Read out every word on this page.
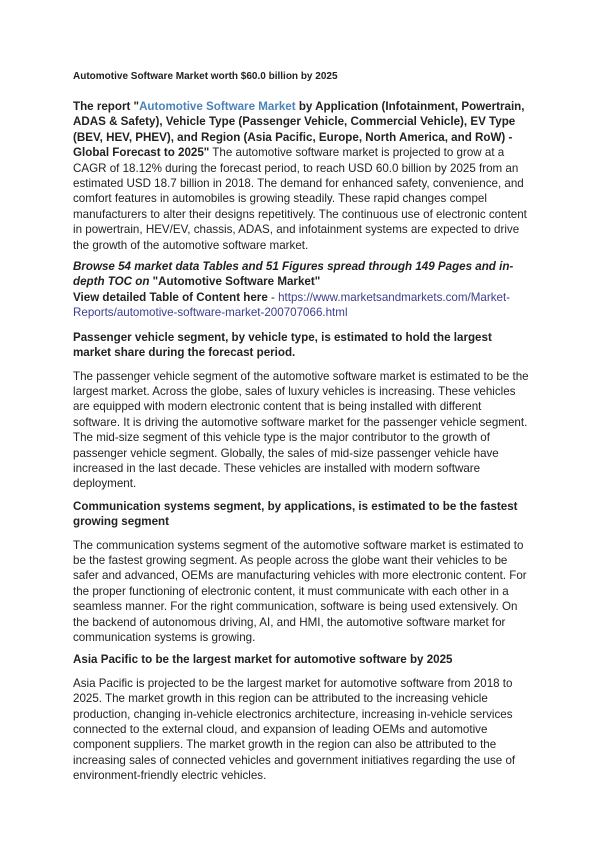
Automotive Software Market worth $60.0 billion by 2025

The report "Automotive Software Market by Application (Infotainment, Powertrain, ADAS & Safety), Vehicle Type (Passenger Vehicle, Commercial Vehicle), EV Type (BEV, HEV, PHEV), and Region (Asia Pacific, Europe, North America, and RoW) - Global Forecast to 2025" The automotive software market is projected to grow at a CAGR of 18.12% during the forecast period, to reach USD 60.0 billion by 2025 from an estimated USD 18.7 billion in 2018. The demand for enhanced safety, convenience, and comfort features in automobiles is growing steadily. These rapid changes compel manufacturers to alter their designs repetitively. The continuous use of electronic content in powertrain, HEV/EV, chassis, ADAS, and infotainment systems are expected to drive the growth of the automotive software market.

Browse 54 market data Tables and 51 Figures spread through 149 Pages and in-depth TOC on "Automotive Software Market"

View detailed Table of Content here - https://www.marketsandmarkets.com/Market-Reports/automotive-software-market-200707066.html

Passenger vehicle segment, by vehicle type, is estimated to hold the largest market share during the forecast period.

The passenger vehicle segment of the automotive software market is estimated to be the largest market. Across the globe, sales of luxury vehicles is increasing. These vehicles are equipped with modern electronic content that is being installed with different software. It is driving the automotive software market for the passenger vehicle segment. The mid-size segment of this vehicle type is the major contributor to the growth of passenger vehicle segment. Globally, the sales of mid-size passenger vehicle have increased in the last decade. These vehicles are installed with modern software deployment.

Communication systems segment, by applications, is estimated to be the fastest growing segment

The communication systems segment of the automotive software market is estimated to be the fastest growing segment. As people across the globe want their vehicles to be safer and advanced, OEMs are manufacturing vehicles with more electronic content. For the proper functioning of electronic content, it must communicate with each other in a seamless manner. For the right communication, software is being used extensively. On the backend of autonomous driving, AI, and HMI, the automotive software market for communication systems is growing.

Asia Pacific to be the largest market for automotive software by 2025

Asia Pacific is projected to be the largest market for automotive software from 2018 to 2025. The market growth in this region can be attributed to the increasing vehicle production, changing in-vehicle electronics architecture, increasing in-vehicle services connected to the external cloud, and expansion of leading OEMs and automotive component suppliers. The market growth in the region can also be attributed to the increasing sales of connected vehicles and government initiatives regarding the use of environment-friendly electric vehicles.
